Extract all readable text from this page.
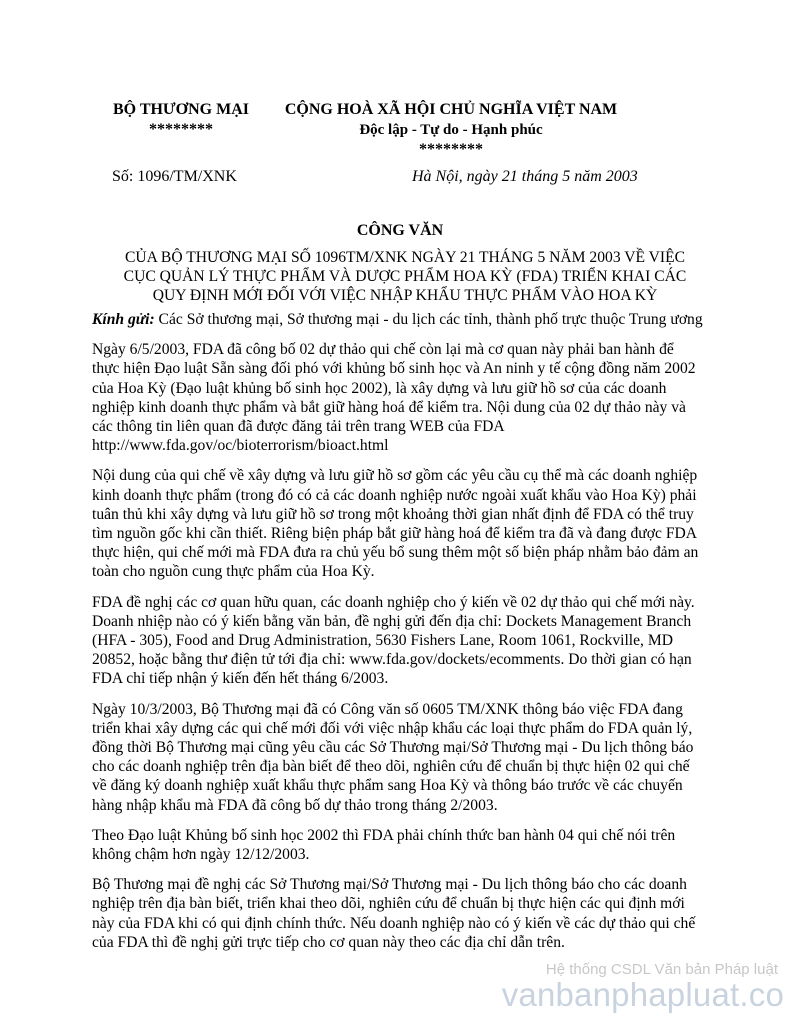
BỘ THƯƠNG MẠI
********
CỘNG HOÀ XÃ HỘI CHỦ NGHĨA VIỆT NAM
Độc lập - Tự do - Hạnh phúc
********
Số: 1096/TM/XNK	Hà Nội, ngày 21 tháng 5 năm 2003
CÔNG VĂN
CỦA BỘ THƯƠNG MẠI SỐ 1096TM/XNK NGÀY 21 THÁNG 5 NĂM 2003 VỀ VIỆC CỤC QUẢN LÝ THỰC PHẨM VÀ DƯỢC PHẨM HOA KỲ (FDA) TRIỂN KHAI CÁC QUY ĐỊNH MỚI ĐỐI VỚI VIỆC NHẬP KHẨU THỰC PHẨM VÀO HOA KỲ

Kính gửi: Các Sở thương mại, Sở thương mại - du lịch các tỉnh, thành phố trực thuộc Trung ương

Ngày 6/5/2003, FDA đã công bố 02 dự thảo qui chế còn lại mà cơ quan này phải ban hành để thực hiện Đạo luật Sẵn sàng đối phó với khủng bố sinh học và An ninh y tế cộng đồng năm 2002 của Hoa Kỳ (Đạo luật khủng bố sinh học 2002), là xây dựng và lưu giữ hồ sơ của các doanh nghiệp kinh doanh thực phẩm và bắt giữ hàng hoá để kiểm tra. Nội dung của 02 dự thảo này và các thông tin liên quan đã được đăng tải trên trang WEB của FDA http://www.fda.gov/oc/bioterrorism/bioact.html

Nội dung của qui chế về xây dựng và lưu giữ hồ sơ gồm các yêu cầu cụ thể mà các doanh nghiệp kinh doanh thực phẩm (trong đó có cả các doanh nghiệp nước ngoài xuất khẩu vào Hoa Kỳ) phải tuân thủ khi xây dựng và lưu giữ hồ sơ trong một khoảng thời gian nhất định để FDA có thể truy tìm nguồn gốc khi cần thiết. Riêng biện pháp bắt giữ hàng hoá để kiểm tra đã và đang được FDA thực hiện, qui chế mới mà FDA đưa ra chủ yếu bổ sung thêm một số biện pháp nhằm bảo đảm an toàn cho nguồn cung thực phẩm của Hoa Kỳ.

FDA đề nghị các cơ quan hữu quan, các doanh nghiệp cho ý kiến về 02 dự thảo qui chế mới này. Doanh nhiệp nào có ý kiến bằng văn bản, đề nghị gửi đến địa chỉ: Dockets Management Branch (HFA - 305), Food and Drug Administration, 5630 Fishers Lane, Room 1061, Rockville, MD 20852, hoặc bằng thư điện tử tới địa chỉ: www.fda.gov/dockets/ecomments. Do thời gian có hạn FDA chỉ tiếp nhận ý kiến đến hết tháng 6/2003.

Ngày 10/3/2003, Bộ Thương mại đã có Công văn số 0605 TM/XNK thông báo việc FDA đang triển khai xây dựng các qui chế mới đối với việc nhập khẩu các loại thực phẩm do FDA quản lý, đồng thời Bộ Thương mại cũng yêu cầu các Sở Thương mại/Sở Thương mại - Du lịch thông báo cho các doanh nghiệp trên địa bàn biết để theo dõi, nghiên cứu để chuẩn bị thực hiện 02 qui chế về đăng ký doanh nghiệp xuất khẩu thực phẩm sang Hoa Kỳ và thông báo trước về các chuyến hàng nhập khẩu mà FDA đã công bố dự thảo trong tháng 2/2003.

Theo Đạo luật Khủng bố sinh học 2002 thì FDA phải chính thức ban hành 04 qui chế nói trên không chậm hơn ngày 12/12/2003.

Bộ Thương mại đề nghị các Sở Thương mại/Sở Thương mại - Du lịch thông báo cho các doanh nghiệp trên địa bàn biết, triển khai theo dõi, nghiên cứu để chuẩn bị thực hiện các qui định mới này của FDA khi có qui định chính thức. Nếu doanh nghiệp nào có ý kiến về các dự thảo qui chế của FDA thì đề nghị gửi trực tiếp cho cơ quan này theo các địa chỉ dẫn trên.

Hệ thống CSDL Văn bản Pháp luật
vanbanphapluat.co
